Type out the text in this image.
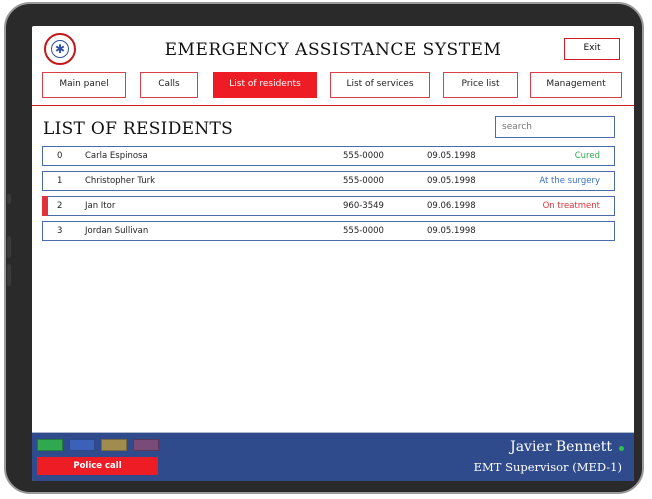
✱	EMERGENCY ASSISTANCE SYSTEM	Exit
Main panel	Calls	List of residents	List of services	Price list	Management
LIST OF RESIDENTS
search
0	Carla Espinosa	555-0000	09.05.1998	Cured
1	Christopher Turk	555-0000	09.05.1998	At the surgery
2	Jan Itor	960-3549	09.06.1998	On treatment
3	Jordan Sullivan	555-0000	09.05.1998
Police call
Javier Bennett
EMT Supervisor (MED-1)
